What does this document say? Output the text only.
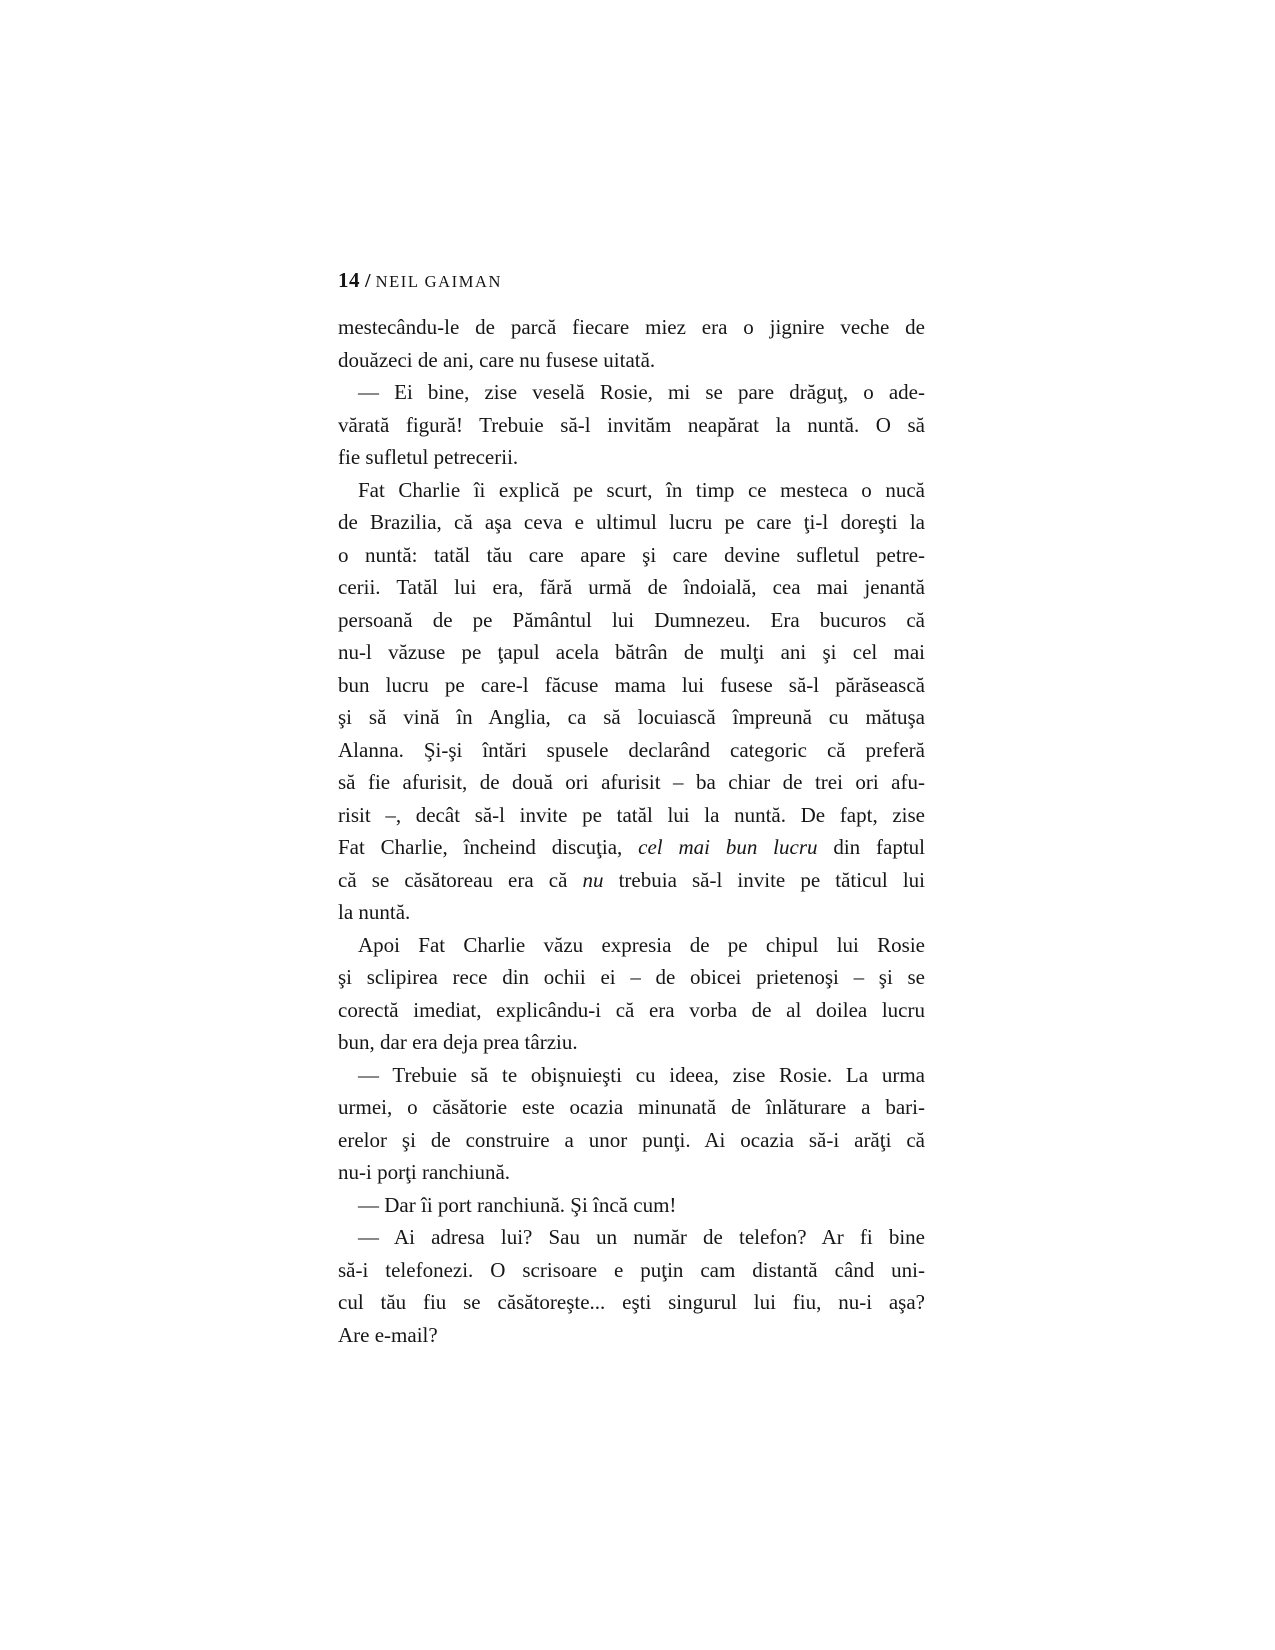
14 / NEIL GAIMAN
mestecându-le de parcă fiecare miez era o jignire veche de
douăzeci de ani, care nu fusese uitată.
— Ei bine, zise veselă Rosie, mi se pare drăguţ, o ade-
vărată figură! Trebuie să-l invităm neapărat la nuntă. O să
fie sufletul petrecerii.
Fat Charlie îi explică pe scurt, în timp ce mesteca o nucă
de Brazilia, că aşa ceva e ultimul lucru pe care ţi-l doreşti la
o nuntă: tatăl tău care apare şi care devine sufletul petre-
cerii. Tatăl lui era, fără urmă de îndoială, cea mai jenantă
persoană de pe Pământul lui Dumnezeu. Era bucuros că
nu-l văzuse pe ţapul acela bătrân de mulţi ani şi cel mai
bun lucru pe care-l făcuse mama lui fusese să-l părăsească
şi să vină în Anglia, ca să locuiască împreună cu mătuşa
Alanna. Şi-şi întări spusele declarând categoric că preferă
să fie afurisit, de două ori afurisit – ba chiar de trei ori afu-
risit –, decât să-l invite pe tatăl lui la nuntă. De fapt, zise
Fat Charlie, încheind discuţia, cel mai bun lucru din faptul
că se căsătoreau era că nu trebuia să-l invite pe tăticul lui
la nuntă.
Apoi Fat Charlie văzu expresia de pe chipul lui Rosie
şi sclipirea rece din ochii ei – de obicei prietenoşi – şi se
corectă imediat, explicându-i că era vorba de al doilea lucru
bun, dar era deja prea târziu.
— Trebuie să te obişnuieşti cu ideea, zise Rosie. La urma
urmei, o căsătorie este ocazia minunată de înlăturare a bari-
erelor şi de construire a unor punţi. Ai ocazia să-i arăţi că
nu-i porţi ranchiună.
— Dar îi port ranchiună. Şi încă cum!
— Ai adresa lui? Sau un număr de telefon? Ar fi bine
să-i telefonezi. O scrisoare e puţin cam distantă când uni-
cul tău fiu se căsătoreşte... eşti singurul lui fiu, nu-i aşa?
Are e-mail?
